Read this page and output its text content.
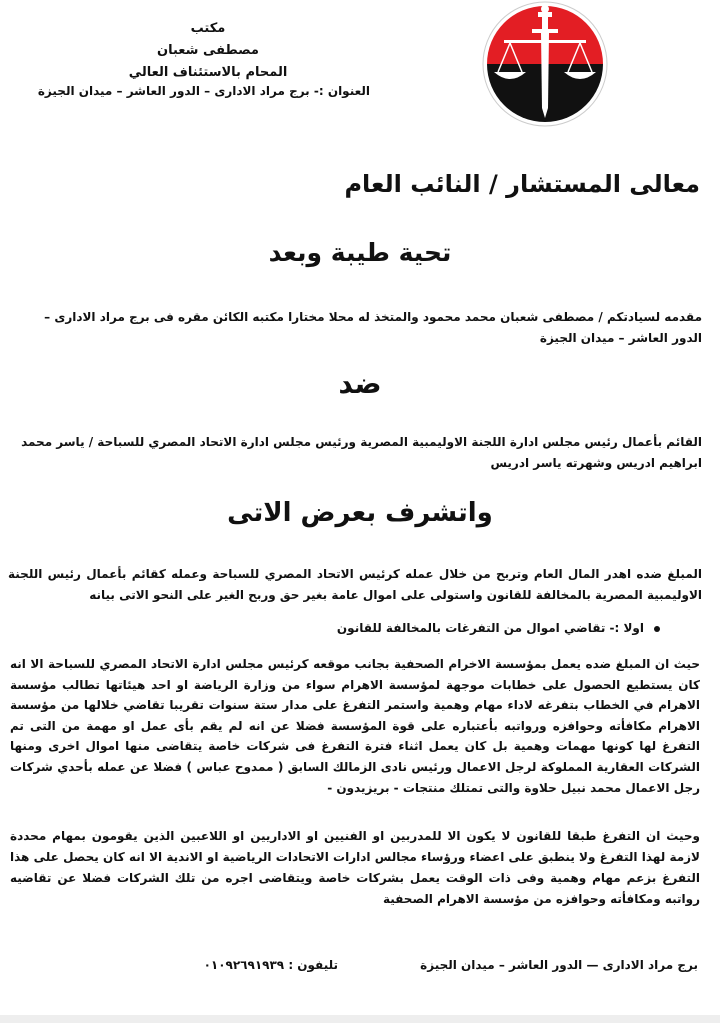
مكتب
مصطفى شعبان
المحام بالاستئناف العالي
العنوان :- برج مراد الادارى – الدور العاشر – ميدان الجيزة
معالى المستشار / النائب العام
تحية طيبة وبعد
مقدمه لسيادتكم / مصطفى شعبان محمد محمود والمتخذ له محلا مختارا مكتبه الكائن مقره فى برج مراد الادارى – الدور العاشر – ميدان الجيزة
ضد
القائم بأعمال رئيس مجلس ادارة اللجنة الاوليمبية المصرية ورئيس مجلس ادارة الاتحاد المصري للسباحة / ياسر محمد ابراهيم ادريس وشهرته ياسر ادريس
واتشرف بعرض الاتى
المبلغ ضده اهدر المال العام وتربح من خلال عمله كرئيس الاتحاد المصري للسباحة وعمله كقائم بأعمال رئيس اللجنة الاوليمبية المصرية بالمخالفة للقانون واستولى على اموال عامة بغير حق وربح الغير على النحو الاتى بيانه
اولا :- تقاضي اموال من التفرغات بالمخالفة للقانون
حيث ان المبلغ ضده يعمل بمؤسسة الاخرام الصحفية بجانب موقعه كرئيس مجلس ادارة الاتحاد المصري للسباحة الا انه كان يستطيع الحصول على خطابات موجهة لمؤسسة الاهرام سواء من وزارة الرياضة او احد هيئاتها تطالب مؤسسة الاهرام في الخطاب بتفرغه لاداء مهام وهمية واستمر التفرغ على مدار ستة سنوات تقريبا تقاضي خلالها من مؤسسة الاهرام مكافأته وحوافزه ورواتبه بأعتباره على قوة المؤسسة فضلا عن انه لم يقم بأى عمل او مهمة من التى تم التفرغ لها كونها مهمات وهمية بل كان يعمل اثناء فترة التفرغ فى شركات خاصة يتقاضى منها اموال اخرى ومنها الشركات العقارية المملوكة لرجل الاعمال ورئيس نادى الزمالك السابق ( ممدوح عباس ) فضلا عن عمله بأحدي شركات رجل الاعمال محمد نبيل حلاوة والتى تمتلك منتجات - بريزيدون -
وحيث ان التفرغ طبقا للقانون لا يكون الا للمدربين او الفنيين او الاداريين او اللاعبين الذين يقومون بمهام محددة لازمة لهذا التفرغ ولا ينطبق على اعضاء ورؤساء مجالس ادارات الاتحادات الرياضية او الاندية الا انه كان يحصل على هذا التفرغ بزعم مهام وهمية وفى ذات الوقت يعمل بشركات خاصة ويتقاضى اجره من تلك الشركات فضلا عن تقاضيه رواتبه ومكافأته وحوافزه من مؤسسة الاهرام الصحفية
برج مراد الادارى — الدور العاشر – ميدان الجيزة
تليفون : ٠١٠٩٢٦٩١٩٣٩
